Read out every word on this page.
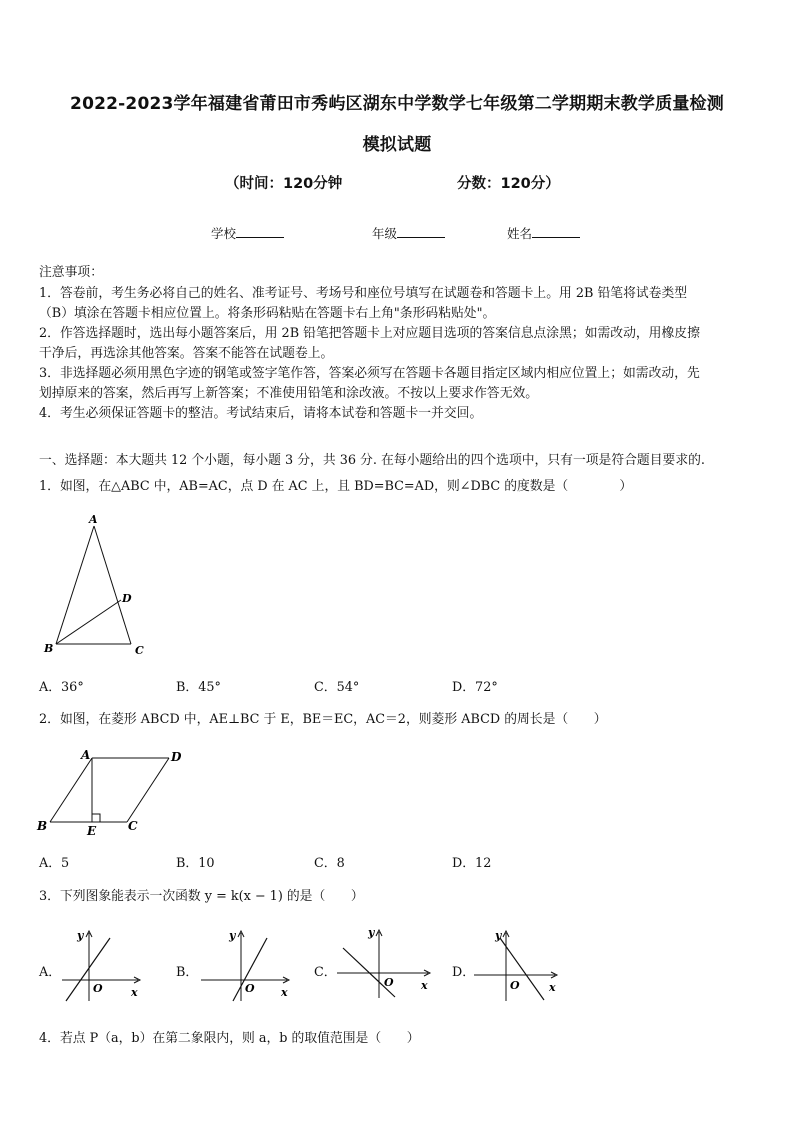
2022-2023学年福建省莆田市秀屿区湖东中学数学七年级第二学期期末教学质量检测
模拟试题
（时间：120分钟	分数：120分）
学校	年级	姓名
注意事项：
1．答卷前，考生务必将自己的姓名、准考证号、考场号和座位号填写在试题卷和答题卡上。用 2B 铅笔将试卷类型
（B）填涂在答题卡相应位置上。将条形码粘贴在答题卡右上角"条形码粘贴处"。
2．作答选择题时，选出每小题答案后，用 2B 铅笔把答题卡上对应题目选项的答案信息点涂黑；如需改动，用橡皮擦
干净后，再选涂其他答案。答案不能答在试题卷上。
3．非选择题必须用黑色字迹的钢笔或签字笔作答，答案必须写在答题卡各题目指定区域内相应位置上；如需改动，先
划掉原来的答案，然后再写上新答案；不准使用铅笔和涂改液。不按以上要求作答无效。
4．考生必须保证答题卡的整洁。考试结束后，请将本试卷和答题卡一并交回。
一、选择题：本大题共 12 个小题，每小题 3 分，共 36 分. 在每小题给出的四个选项中，只有一项是符合题目要求的.
1．如图，在△ABC 中，AB=AC，点 D 在 AC 上，且 BD=BC=AD，则∠DBC 的度数是（　　　　）
A
D
B	C
A．36°	B．45°	C．54°	D．72°
2．如图，在菱形 ABCD 中，AE⊥BC 于 E，BE＝EC，AC＝2，则菱形 ABCD 的周长是（　　）
A	D
B	E	C
A．5	B．10	C．8	D．12
3．下列图象能表示一次函数 y = k(x − 1) 的是（　　）
A．
y
x
O
B．
y
x
O
C．
y
x
O
D．
y
x
O
4．若点 P（a，b）在第二象限内，则 a，b 的取值范围是（　　）
